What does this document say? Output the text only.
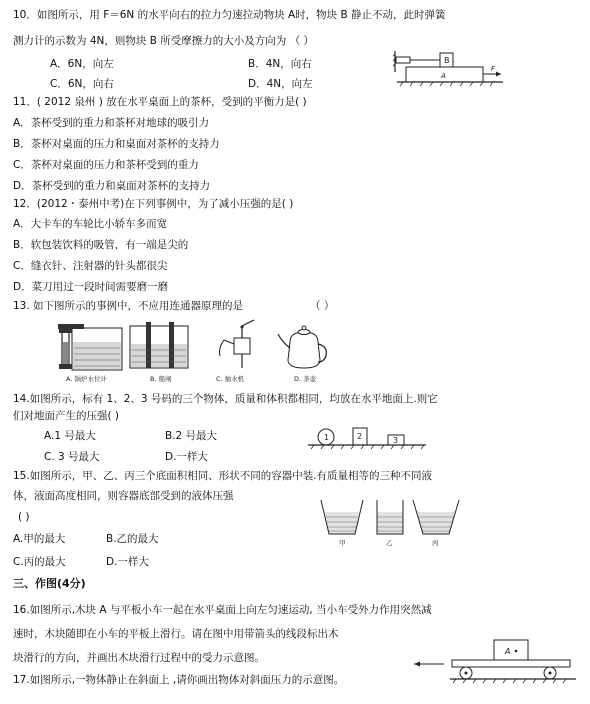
10．如图所示，用 F＝6N 的水平向右的拉力匀速拉动物块 A时，物块 B 静止不动，此时弹簧
测力计的示数为 4N，则物块 B 所受摩擦力的大小及方向为 （ ）
A．6N，向左	B．4N，向右
C．6N，向右	D．4N，向左
B
A
F
11．( 2012 泉州 ) 放在水平桌面上的茶杯，受到的平衡力是( )
A．茶杯受到的重力和茶杯对地球的吸引力
B．茶杯对桌面的压力和桌面对茶杯的支持力
C．茶杯对桌面的压力和茶杯受到的重力
D．茶杯受到的重力和桌面对茶杯的支持力
12．(2012・泰州中考)在下列事例中，为了减小压强的是( )
A．大卡车的车轮比小轿车多而宽
B．软包装饮料的吸管，有一端是尖的
C．缝衣针、注射器的针头都很尖
D．菜刀用过一段时间需要磨一磨
13. 如下图所示的事例中，不应用连通器原理的是	（ ）
A. 锅炉水位计	B. 船闸	C. 抽水机	D. 茶壶
14.如图所示，标有 1、2、3 号码的三个物体，质量和体积都相同，均放在水平地面上.则它
们对地面产生的压强( )
A.1 号最大	B.2 号最大
C. 3 号最大	D.一样大
1	2	3
15.如图所示，甲、乙、丙三个底面积相同、形状不同的容器中装.有质量相等的三种不同液
体，液面高度相同，则容器底部受到的液体压强
( )
A.甲的最大	B.乙的最大
C.丙的最大	D.一样大
甲	乙	丙
三、作图(4分)
16.如图所示,木块 A 与平板小车一起在水平桌面上向左匀速运动, 当小车受外力作用突然减
速时，木块随即在小车的平板上滑行。请在图中用带箭头的线段标出木
块滑行的方向，并画出木块滑行过程中的受力示意图。
A
17.如图所示,一物体静止在斜面上 ,请你画出物体对斜面压力的示意图。
